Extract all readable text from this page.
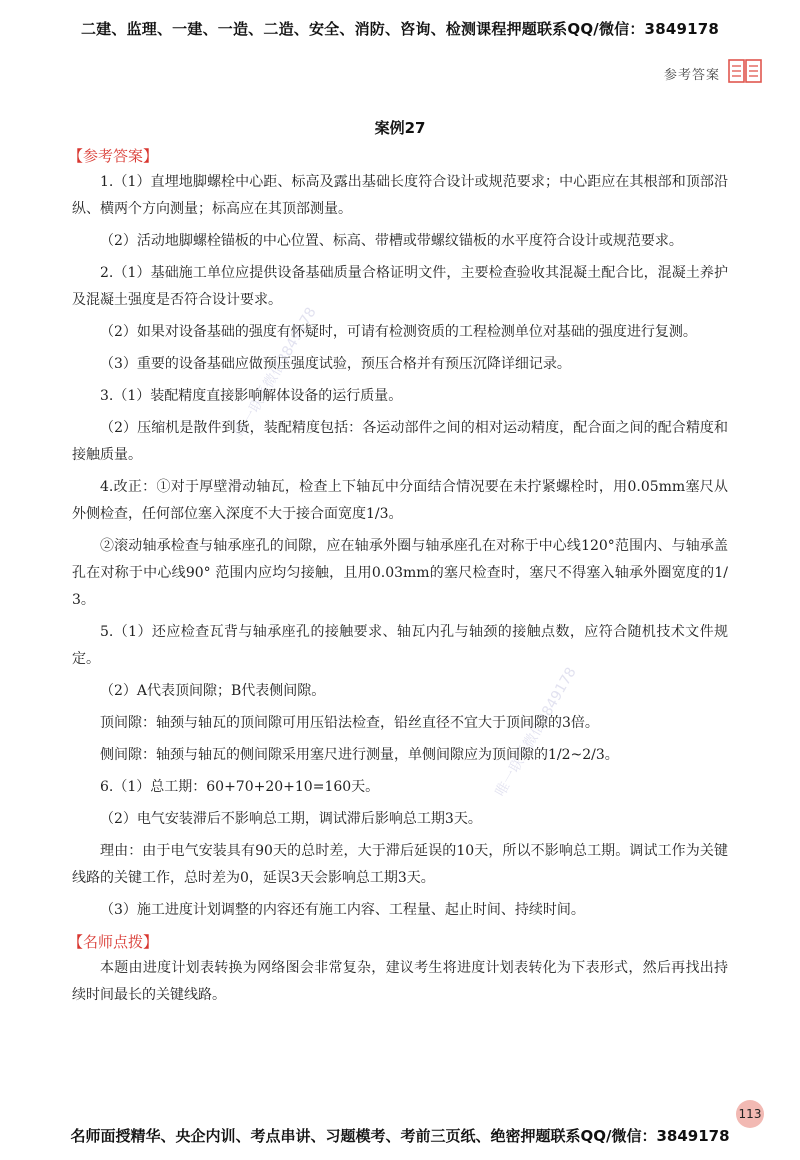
二建、监理、一建、一造、二造、安全、消防、咨询、检测课程押题联系QQ/微信：3849178
参考答案
案例27
唯一联系微信3849178
唯一联系微信3849178

【参考答案】

1.（1）直埋地脚螺栓中心距、标高及露出基础长度符合设计或规范要求；中心距应在其根部和顶部沿纵、横两个方向测量；标高应在其顶部测量。

（2）活动地脚螺栓锚板的中心位置、标高、带槽或带螺纹锚板的水平度符合设计或规范要求。

2.（1）基础施工单位应提供设备基础质量合格证明文件，主要检查验收其混凝土配合比，混凝土养护及混凝土强度是否符合设计要求。

（2）如果对设备基础的强度有怀疑时，可请有检测资质的工程检测单位对基础的强度进行复测。

（3）重要的设备基础应做预压强度试验，预压合格并有预压沉降详细记录。

3.（1）装配精度直接影响解体设备的运行质量。

（2）压缩机是散件到货，装配精度包括：各运动部件之间的相对运动精度，配合面之间的配合精度和接触质量。

4.改正：①对于厚壁滑动轴瓦，检查上下轴瓦中分面结合情况要在未拧紧螺栓时，用0.05mm塞尺从外侧检查，任何部位塞入深度不大于接合面宽度1/3。

②滚动轴承检查与轴承座孔的间隙，应在轴承外圈与轴承座孔在对称于中心线120°范围内、与轴承盖孔在对称于中心线90° 范围内应均匀接触，且用0.03mm的塞尺检查时，塞尺不得塞入轴承外圈宽度的1/3。

5.（1）还应检查瓦背与轴承座孔的接触要求、轴瓦内孔与轴颈的接触点数，应符合随机技术文件规定。

（2）A代表顶间隙；B代表侧间隙。

顶间隙：轴颈与轴瓦的顶间隙可用压铅法检查，铅丝直径不宜大于顶间隙的3倍。

侧间隙：轴颈与轴瓦的侧间隙采用塞尺进行测量，单侧间隙应为顶间隙的1/2~2/3。

6.（1）总工期：60+70+20+10=160天。

（2）电气安装滞后不影响总工期，调试滞后影响总工期3天。

理由：由于电气安装具有90天的总时差，大于滞后延误的10天，所以不影响总工期。调试工作为关键线路的关键工作，总时差为0，延误3天会影响总工期3天。

（3）施工进度计划调整的内容还有施工内容、工程量、起止时间、持续时间。

【名师点拨】

本题由进度计划表转换为网络图会非常复杂，建议考生将进度计划表转化为下表形式，然后再找出持续时间最长的关键线路。

113
名师面授精华、央企内训、考点串讲、习题模考、考前三页纸、绝密押题联系QQ/微信：3849178
